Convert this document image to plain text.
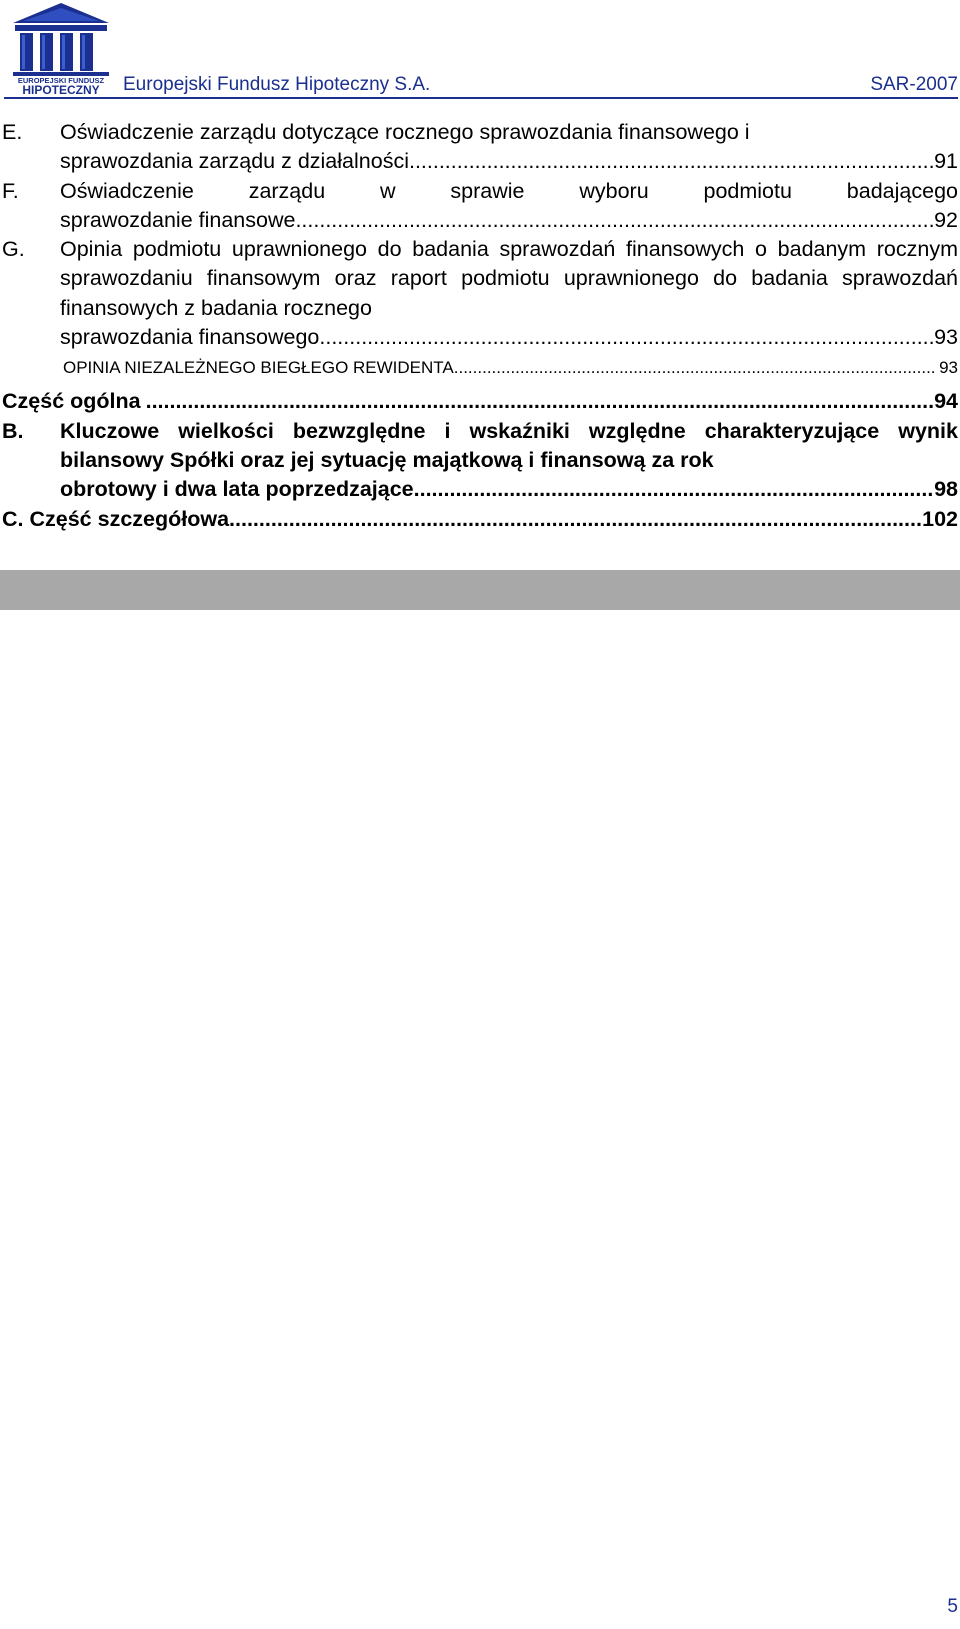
EUROPEJSKI FUNDUSZ
HIPOTECZNY Europejski Fundusz Hipoteczny S.A.	SAR-2007
E. Oświadczenie zarządu dotyczące rocznego sprawozdania finansowego i
sprawozdania zarządu z działalności .....	91
F. Oświadczenie zarządu w sprawie wyboru podmiotu badającego
sprawozdanie finansowe .....	92
G. Opinia podmiotu uprawnionego do badania sprawozdań finansowych o badanym rocznym sprawozdaniu finansowym oraz raport podmiotu uprawnionego do badania sprawozdań finansowych z badania rocznego
sprawozdania finansowego .....	93
OPINIA NIEZALEŻNEGO BIEGŁEGO REWIDENTA .....	93
Część ogólna .....	94
B. Kluczowe wielkości bezwzględne i wskaźniki względne charakteryzujące wynik bilansowy Spółki oraz jej sytuację majątkową i finansową za rok
obrotowy i dwa lata poprzedzające. .....	98
C. Część szczegółowa .....	102
5
